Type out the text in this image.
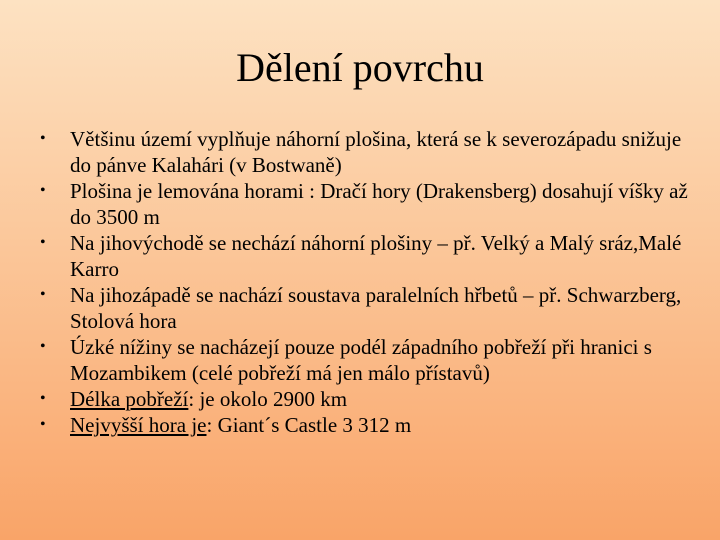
Dělení povrchu
•	Většinu území vyplňuje náhorní plošina, která se k severozápadu snižuje do pánve Kalahári (v Bostwaně)
•	Plošina je lemována horami : Dračí hory (Drakensberg) dosahují víšky až do 3500 m
•	Na jihovýchodě se nechází náhorní plošiny – př. Velký a Malý sráz,Malé Karro
•	Na jihozápadě se nachází soustava paralelních hřbetů – př. Schwarzberg, Stolová hora
•	Úzké nížiny se nacházejí pouze podél západního pobřeží při hranici s Mozambikem (celé pobřeží má jen málo přístavů)
•	Délka pobřeží: je okolo 2900 km
•	Nejvyšší hora je: Giant´s Castle 3 312 m
